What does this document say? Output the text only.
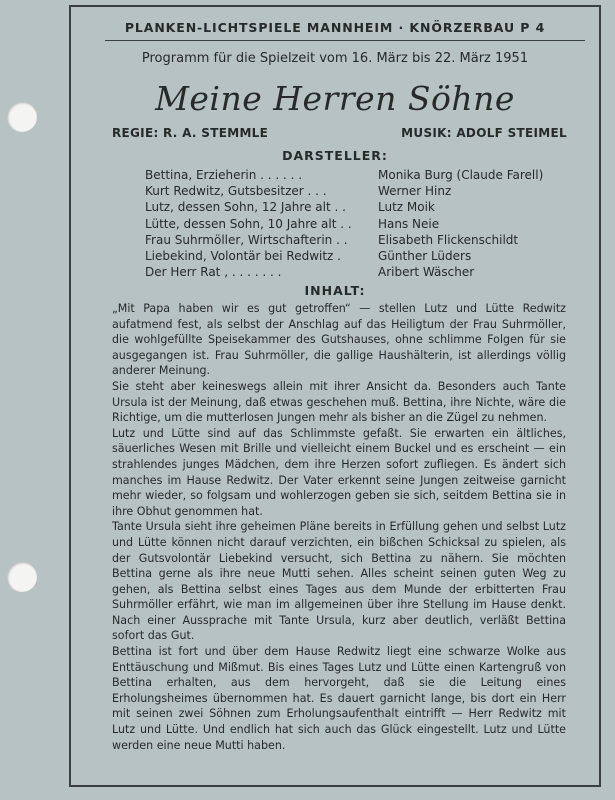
PLANKEN-LICHTSPIELE MANNHEIM · KNÖRZERBAU P 4
Programm für die Spielzeit vom 16. März bis 22. März 1951
Meine Herren Söhne
REGIE: R. A. STEMMLE	MUSIK: ADOLF STEIMEL
DARSTELLER:
Bettina, Erzieherin . . . . . .	Monika Burg (Claude Farell)
Kurt Redwitz, Gutsbesitzer . . .	Werner Hinz
Lutz, dessen Sohn, 12 Jahre alt . .	Lutz Moik
Lütte, dessen Sohn, 10 Jahre alt . . Hans Neie
Frau Suhrmöller, Wirtschafterin . .	Elisabeth Flickenschildt
Liebekind, Volontär bei Redwitz .	Günther Lüders
Der Herr Rat , . . . . . . .	Aribert Wäscher
INHALT:

„Mit Papa haben wir es gut getroffen“ — stellen Lutz und Lütte Redwitz aufatmend fest, als selbst der Anschlag auf das Heiligtum der Frau Suhrmöller, die wohlgefüllte Speisekammer des Gutshauses, ohne schlimme Folgen für sie ausgegangen ist. Frau Suhrmöller, die gallige Haushälterin, ist allerdings völlig anderer Meinung.

Sie steht aber keineswegs allein mit ihrer Ansicht da. Besonders auch Tante Ursula ist der Meinung, daß etwas geschehen muß. Bettina, ihre Nichte, wäre die Richtige, um die mutterlosen Jungen mehr als bisher an die Zügel zu nehmen.

Lutz und Lütte sind auf das Schlimmste gefaßt. Sie erwarten ein ältliches, säuerliches Wesen mit Brille und vielleicht einem Buckel und es erscheint — ein strahlendes junges Mädchen, dem ihre Herzen sofort zufliegen. Es ändert sich manches im Hause Redwitz. Der Vater erkennt seine Jungen zeitweise garnicht mehr wieder, so folgsam und wohlerzogen geben sie sich, seitdem Bettina sie in ihre Obhut genommen hat.

Tante Ursula sieht ihre geheimen Pläne bereits in Erfüllung gehen und selbst Lutz und Lütte können nicht darauf verzichten, ein bißchen Schicksal zu spielen, als der Gutsvolontär Liebekind versucht, sich Bettina zu nähern. Sie möchten Bettina gerne als ihre neue Mutti sehen. Alles scheint seinen guten Weg zu gehen, als Bettina selbst eines Tages aus dem Munde der erbitterten Frau Suhrmöller erfährt, wie man im allgemeinen über ihre Stellung im Hause denkt. Nach einer Aussprache mit Tante Ursula, kurz aber deutlich, verläßt Bettina sofort das Gut.

Bettina ist fort und über dem Hause Redwitz liegt eine schwarze Wolke aus Enttäuschung und Mißmut. Bis eines Tages Lutz und Lütte einen Kartengruß von Bettina erhalten, aus dem hervorgeht, daß sie die Leitung eines Erholungsheimes übernommen hat. Es dauert garnicht lange, bis dort ein Herr mit seinen zwei Söhnen zum Erholungsaufenthalt eintrifft — Herr Redwitz mit Lutz und Lütte. Und endlich hat sich auch das Glück eingestellt. Lutz und Lütte werden eine neue Mutti haben.
